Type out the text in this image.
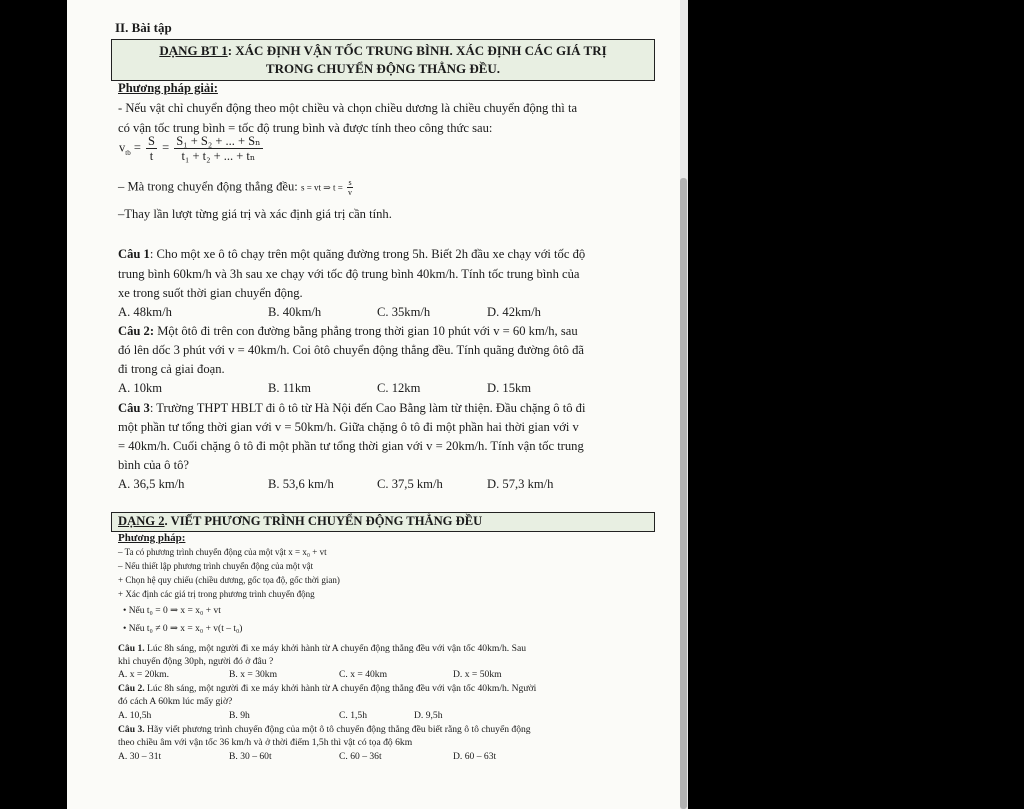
II. Bài tập
DẠNG BT 1: XÁC ĐỊNH VẬN TỐC TRUNG BÌNH. XÁC ĐỊNH CÁC GIÁ TRỊ
TRONG CHUYỂN ĐỘNG THẲNG ĐỀU.
Phương pháp giải:
- Nếu vật chỉ chuyển động theo một chiều và chọn chiều dương là chiều chuyển động thì ta
có vận tốc trung bình = tốc độ trung bình và được tính theo công thức sau:
$v_{tb} = \frac{S}{t} = \frac{\text{S₁ + S₂ + ... + Sₙ}}{\text{t₁ + t₂ + ... + tₙ}}$
– Mà trong chuyển động thẳng đều: s = vt ⇒ $t = \frac{s}{v}$
–Thay lần lượt từng giá trị và xác định giá trị cần tính.
Câu 1: Cho một xe ô tô chạy trên một quãng đường trong 5h. Biết 2h đầu xe chạy với tốc độ
trung bình 60km/h và 3h sau xe chạy với tốc độ trung bình 40km/h. Tính tốc trung bình của
xe trong suốt thời gian chuyển động.
A. 48km/h	B. 40km/h	C. 35km/h	D. 42km/h
Câu 2: Một ôtô đi trên con đường bằng phẳng trong thời gian 10 phút với v = 60 km/h, sau
đó lên dốc 3 phút với v = 40km/h. Coi ôtô chuyển động thẳng đều. Tính quãng đường ôtô đã
đi trong cả giai đoạn.
A. 10km	B. 11km	C. 12km	D. 15km
Câu 3: Trường THPT HBLT đi ô tô từ Hà Nội đến Cao Bằng làm từ thiện. Đầu chặng ô tô đi
một phần tư tổng thời gian với v = 50km/h. Giữa chặng ô tô đi một phần hai thời gian với v
= 40km/h. Cuối chặng ô tô đi một phần tư tổng thời gian với v = 20km/h. Tính vận tốc trung
bình của ô tô?
A. 36,5 km/h	B. 53,6 km/h	C. 37,5 km/h	D. 57,3 km/h
DẠNG 2. VIẾT PHƯƠNG TRÌNH CHUYỂN ĐỘNG THẲNG ĐỀU
Phương pháp:
– Ta có phương trình chuyển động của một vật x = x₀ + vt
– Nếu thiết lập phương trình chuyển động của một vật
+ Chọn hệ quy chiếu (chiều dương, gốc tọa độ, gốc thời gian)
+ Xác định các giá trị trong phương trình chuyển động
• Nếu t₀ = 0 ⇒ x = x₀ + vt
• Nếu t₀ ≠ 0 ⇒ x = x₀ + v(t – t₀)
Câu 1. Lúc 8h sáng, một người đi xe máy khởi hành từ A chuyển động thẳng đều với vận tốc 40km/h. Sau
khi chuyển động 30ph, người đó ở đâu ?
A. x = 20km.	B. x = 30km	C. x = 40km	D. x = 50km
Câu 2. Lúc 8h sáng, một người đi xe máy khởi hành từ A chuyển động thẳng đều với vận tốc 40km/h. Người
đó cách A 60km lúc mấy giờ?
A. 10,5h	B. 9h	C. 1,5h	D. 9,5h
Câu 3. Hãy viết phương trình chuyển động của một ô tô chuyển động thẳng đều biết rằng ô tô chuyển động
theo chiều âm với vận tốc 36 km/h và ở thời điểm 1,5h thì vật có tọa độ 6km
A. 30 – 31t	B. 30 – 60t	C. 60 – 36t	D. 60 – 63t
